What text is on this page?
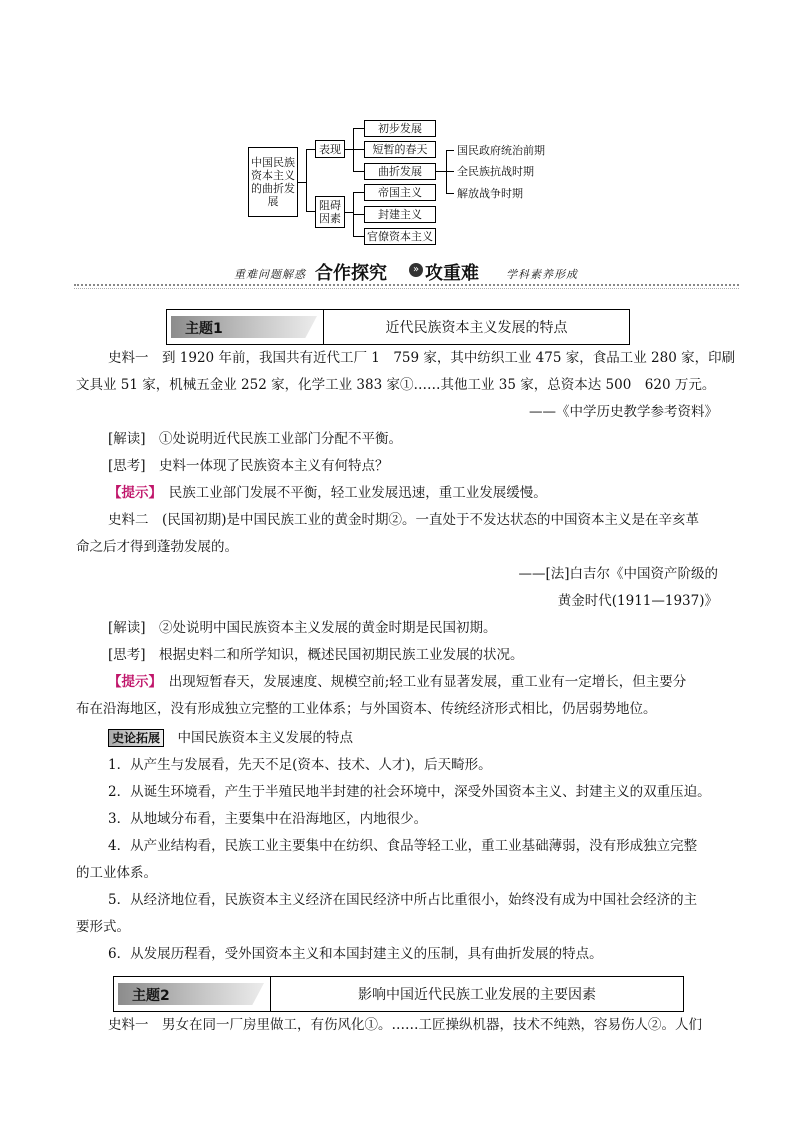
中国民族资本主义的曲折发展
表现
阻碍因素
初步发展
短暂的春天
曲折发展
国民政府统治前期
全民族抗战时期
解放战争时期
帝国主义
封建主义
官僚资本主义
重难问题解惑 合作探究	» 攻重难 学科素养形成
主题1	近代民族资本主义发展的特点
史料一　到 1920 年前，我国共有近代工厂 1　759 家，其中纺织工业 475 家，食品工业 280 家，印刷
文具业 51 家，机械五金业 252 家，化学工业 383 家①……其他工业 35 家，总资本达 500　620 万元。
——《中学历史教学参考资料》
[解读]　 ①处说明近代民族工业部门分配不平衡。
[思考]　 史料一体现了民族资本主义有何特点？
【提示】　 民族工业部门发展不平衡，轻工业发展迅速，重工业发展缓慢。
史料二　(民国初期)是中国民族工业的黄金时期②。一直处于不发达状态的中国资本主义是在辛亥革
命之后才得到蓬勃发展的。
——[法]白吉尔《中国资产阶级的
黄金时代(1911—1937)》
[解读]　 ②处说明中国民族资本主义发展的黄金时期是民国初期。
[思考]　 根据史料二和所学知识，概述民国初期民族工业发展的状况。
【提示】　 出现短暂春天，发展速度、规模空前;轻工业有显著发展，重工业有一定增长，但主要分
布在沿海地区，没有形成独立完整的工业体系；与外国资本、传统经济形式相比，仍居弱势地位。
史论拓展　 中国民族资本主义发展的特点
1．从产生与发展看，先天不足(资本、技术、人才)，后天畸形。
2．从诞生环境看，产生于半殖民地半封建的社会环境中，深受外国资本主义、封建主义的双重压迫。
3．从地域分布看，主要集中在沿海地区，内地很少。
4．从产业结构看，民族工业主要集中在纺织、食品等轻工业，重工业基础薄弱，没有形成独立完整
的工业体系。
5．从经济地位看，民族资本主义经济在国民经济中所占比重很小，始终没有成为中国社会经济的主
要形式。
6．从发展历程看，受外国资本主义和本国封建主义的压制，具有曲折发展的特点。
主题2	影响中国近代民族工业发展的主要因素
史料一　男女在同一厂房里做工，有伤风化①。……工匠操纵机器，技术不纯熟，容易伤人②。人们
